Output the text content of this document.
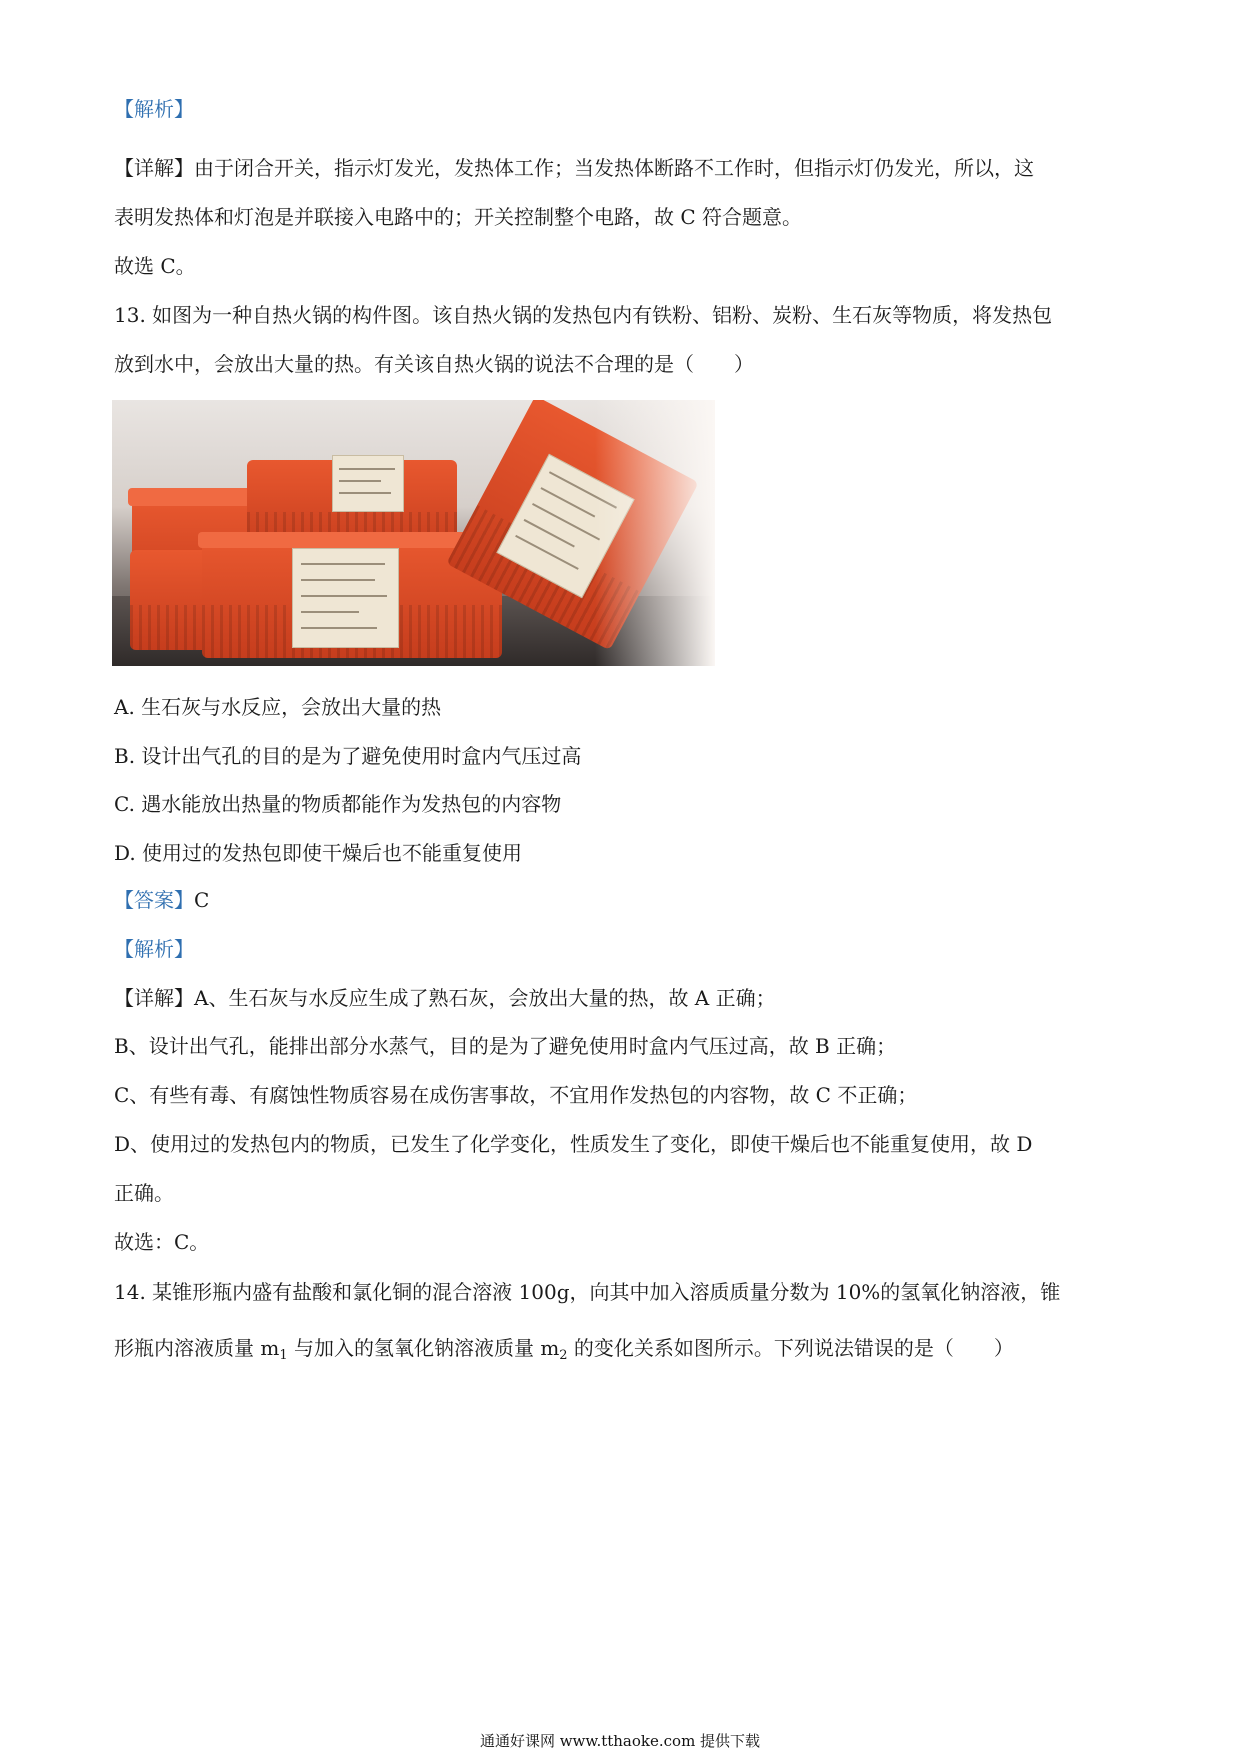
【解析】
【详解】由于闭合开关，指示灯发光，发热体工作；当发热体断路不工作时，但指示灯仍发光，所以，这
表明发热体和灯泡是并联接入电路中的；开关控制整个电路，故 C 符合题意。
故选 C。
13. 如图为一种自热火锅的构件图。该自热火锅的发热包内有铁粉、铝粉、炭粉、生石灰等物质，将发热包
放到水中，会放出大量的热。有关该自热火锅的说法不合理的是（　　）
A. 生石灰与水反应，会放出大量的热
B. 设计出气孔的目的是为了避免使用时盒内气压过高
C. 遇水能放出热量的物质都能作为发热包的内容物
D. 使用过的发热包即使干燥后也不能重复使用
【答案】C
【解析】
【详解】A、生石灰与水反应生成了熟石灰，会放出大量的热，故 A 正确；
B、设计出气孔，能排出部分水蒸气，目的是为了避免使用时盒内气压过高，故 B 正确；
C、有些有毒、有腐蚀性物质容易在成伤害事故，不宜用作发热包的内容物，故 C 不正确；
D、使用过的发热包内的物质，已发生了化学变化，性质发生了变化，即使干燥后也不能重复使用，故 D
正确。
故选：C。
14. 某锥形瓶内盛有盐酸和氯化铜的混合溶液 100g，向其中加入溶质质量分数为 10%的氢氧化钠溶液，锥
形瓶内溶液质量 $m_1$ 与加入的氢氧化钠溶液质量 $m_2$ 的变化关系如图所示。下列说法错误的是（　　）
通通好课网 www.tthaoke.com 提供下载
